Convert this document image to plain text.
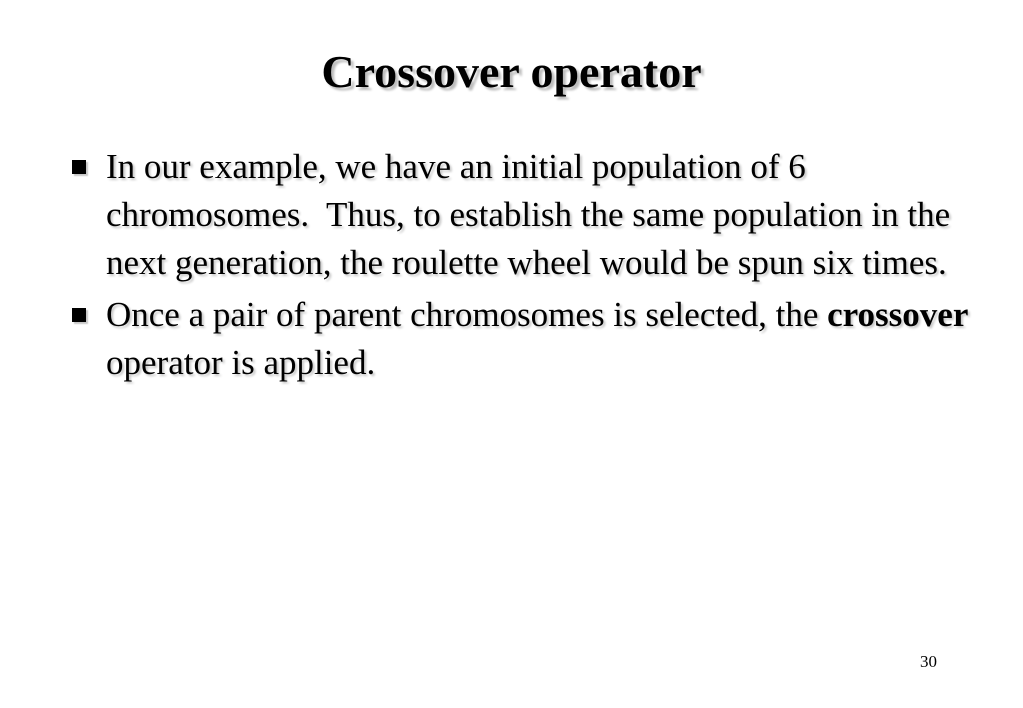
Crossover operator
In our example, we have an initial population of 6 chromosomes.  Thus, to establish the same population in the next generation, the roulette wheel would be spun six times.
Once a pair of parent chromosomes is selected, the crossover operator is applied.
30
